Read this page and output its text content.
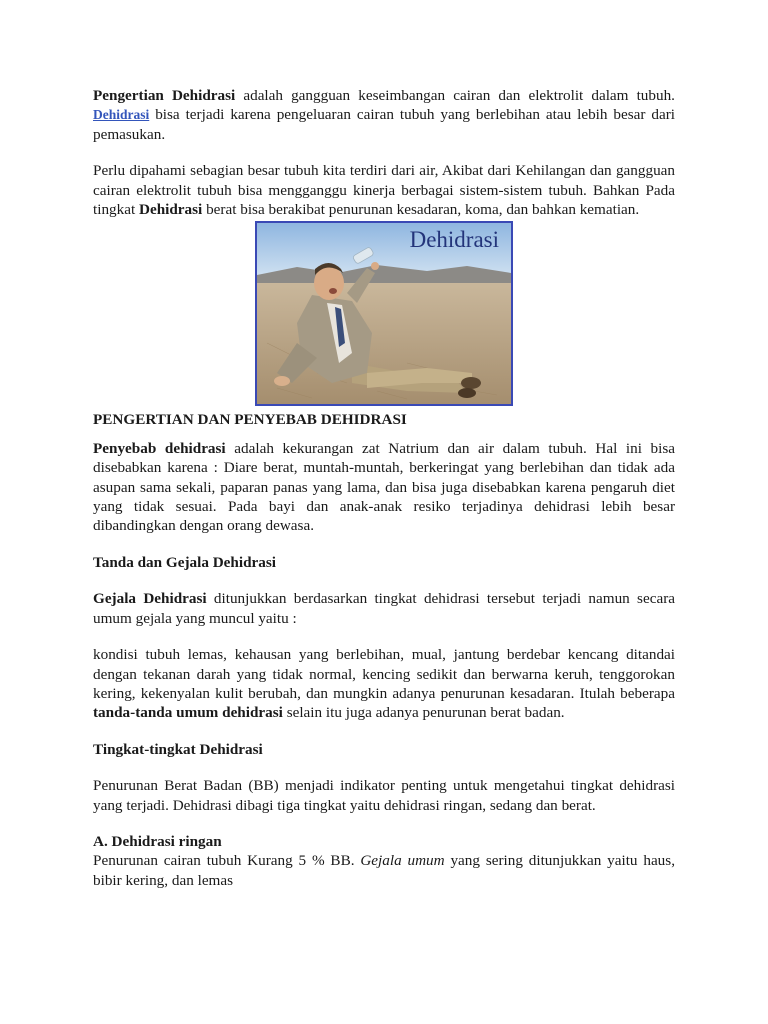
Pengertian Dehidrasi adalah gangguan keseimbangan cairan dan elektrolit dalam tubuh. Dehidrasi bisa terjadi karena pengeluaran cairan tubuh yang berlebihan atau lebih besar dari pemasukan.

Perlu dipahami sebagian besar tubuh kita terdiri dari air, Akibat dari Kehilangan dan gangguan cairan elektrolit tubuh bisa mengganggu kinerja berbagai sistem-sistem tubuh. Bahkan Pada tingkat Dehidrasi berat bisa berakibat penurunan kesadaran, koma, dan bahkan kematian.

Dehidrasi
PENGERTIAN DAN PENYEBAB DEHIDRASI

Penyebab dehidrasi adalah kekurangan zat Natrium dan air dalam tubuh. Hal ini bisa disebabkan karena : Diare berat, muntah-muntah, berkeringat yang berlebihan dan tidak ada asupan sama sekali, paparan panas yang lama, dan bisa juga disebabkan karena pengaruh diet yang tidak sesuai. Pada bayi dan anak-anak resiko terjadinya dehidrasi lebih besar dibandingkan dengan orang dewasa.

Tanda dan Gejala Dehidrasi

Gejala Dehidrasi ditunjukkan berdasarkan tingkat dehidrasi tersebut terjadi namun secara umum gejala yang muncul yaitu :

kondisi tubuh lemas, kehausan yang berlebihan, mual, jantung berdebar kencang ditandai dengan tekanan darah yang tidak normal, kencing sedikit dan berwarna keruh, tenggorokan kering, kekenyalan kulit berubah, dan mungkin adanya penurunan kesadaran. Itulah beberapa tanda-tanda umum dehidrasi selain itu juga adanya penurunan berat badan.

Tingkat-tingkat Dehidrasi

Penurunan Berat Badan (BB) menjadi indikator penting untuk mengetahui tingkat dehidrasi yang terjadi. Dehidrasi dibagi tiga tingkat yaitu dehidrasi ringan, sedang dan berat.

A. Dehidrasi ringan

Penurunan cairan tubuh Kurang 5 % BB. Gejala umum yang sering ditunjukkan yaitu haus, bibir kering, dan lemas
